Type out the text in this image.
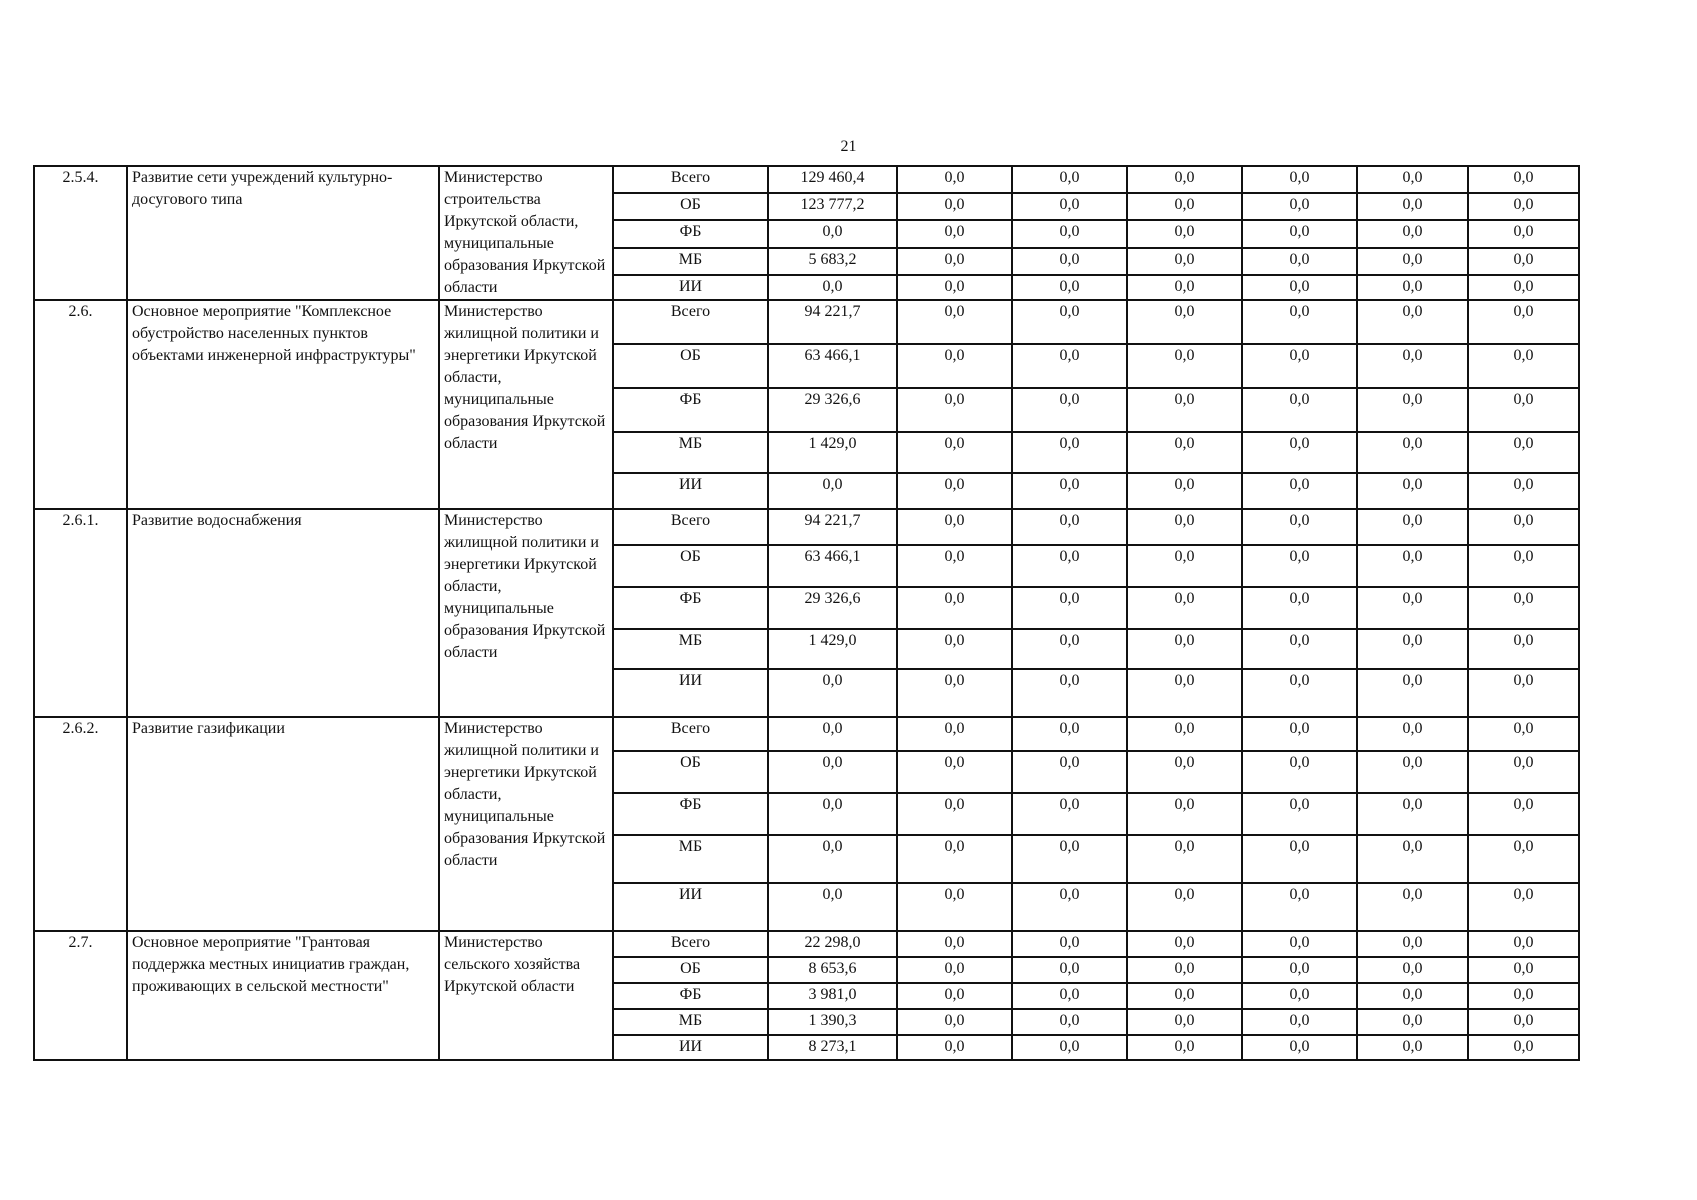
21
2.5.4.	Развитие сети учреждений культурно-досугового типа	Министерство строительства Иркутской области, муниципальные образования Иркутской области	Всего	129 460,4	0,0	0,0	0,0	0,0	0,0	0,0
			ОБ	123 777,2	0,0	0,0	0,0	0,0	0,0	0,0
			ФБ	0,0	0,0	0,0	0,0	0,0	0,0	0,0
			МБ	5 683,2	0,0	0,0	0,0	0,0	0,0	0,0
			ИИ	0,0	0,0	0,0	0,0	0,0	0,0	0,0
2.6.	Основное мероприятие "Комплексное обустройство населенных пунктов объектами инженерной инфраструктуры"	Министерство жилищной политики и энергетики Иркутской области, муниципальные образования Иркутской области	Всего	94 221,7	0,0	0,0	0,0	0,0	0,0	0,0
			ОБ	63 466,1	0,0	0,0	0,0	0,0	0,0	0,0
			ФБ	29 326,6	0,0	0,0	0,0	0,0	0,0	0,0
			МБ	1 429,0	0,0	0,0	0,0	0,0	0,0	0,0
			ИИ	0,0	0,0	0,0	0,0	0,0	0,0	0,0
2.6.1.	Развитие водоснабжения	Министерство жилищной политики и энергетики Иркутской области, муниципальные образования Иркутской области	Всего	94 221,7	0,0	0,0	0,0	0,0	0,0	0,0
			ОБ	63 466,1	0,0	0,0	0,0	0,0	0,0	0,0
			ФБ	29 326,6	0,0	0,0	0,0	0,0	0,0	0,0
			МБ	1 429,0	0,0	0,0	0,0	0,0	0,0	0,0
			ИИ	0,0	0,0	0,0	0,0	0,0	0,0	0,0
2.6.2.	Развитие газификации	Министерство жилищной политики и энергетики Иркутской области, муниципальные образования Иркутской области	Всего	0,0	0,0	0,0	0,0	0,0	0,0	0,0
			ОБ	0,0	0,0	0,0	0,0	0,0	0,0	0,0
			ФБ	0,0	0,0	0,0	0,0	0,0	0,0	0,0
			МБ	0,0	0,0	0,0	0,0	0,0	0,0	0,0
			ИИ	0,0	0,0	0,0	0,0	0,0	0,0	0,0
2.7.	Основное мероприятие "Грантовая поддержка местных инициатив граждан, проживающих в сельской местности"	Министерство сельского хозяйства Иркутской области	Всего	22 298,0	0,0	0,0	0,0	0,0	0,0	0,0
			ОБ	8 653,6	0,0	0,0	0,0	0,0	0,0	0,0
			ФБ	3 981,0	0,0	0,0	0,0	0,0	0,0	0,0
			МБ	1 390,3	0,0	0,0	0,0	0,0	0,0	0,0
			ИИ	8 273,1	0,0	0,0	0,0	0,0	0,0	0,0
